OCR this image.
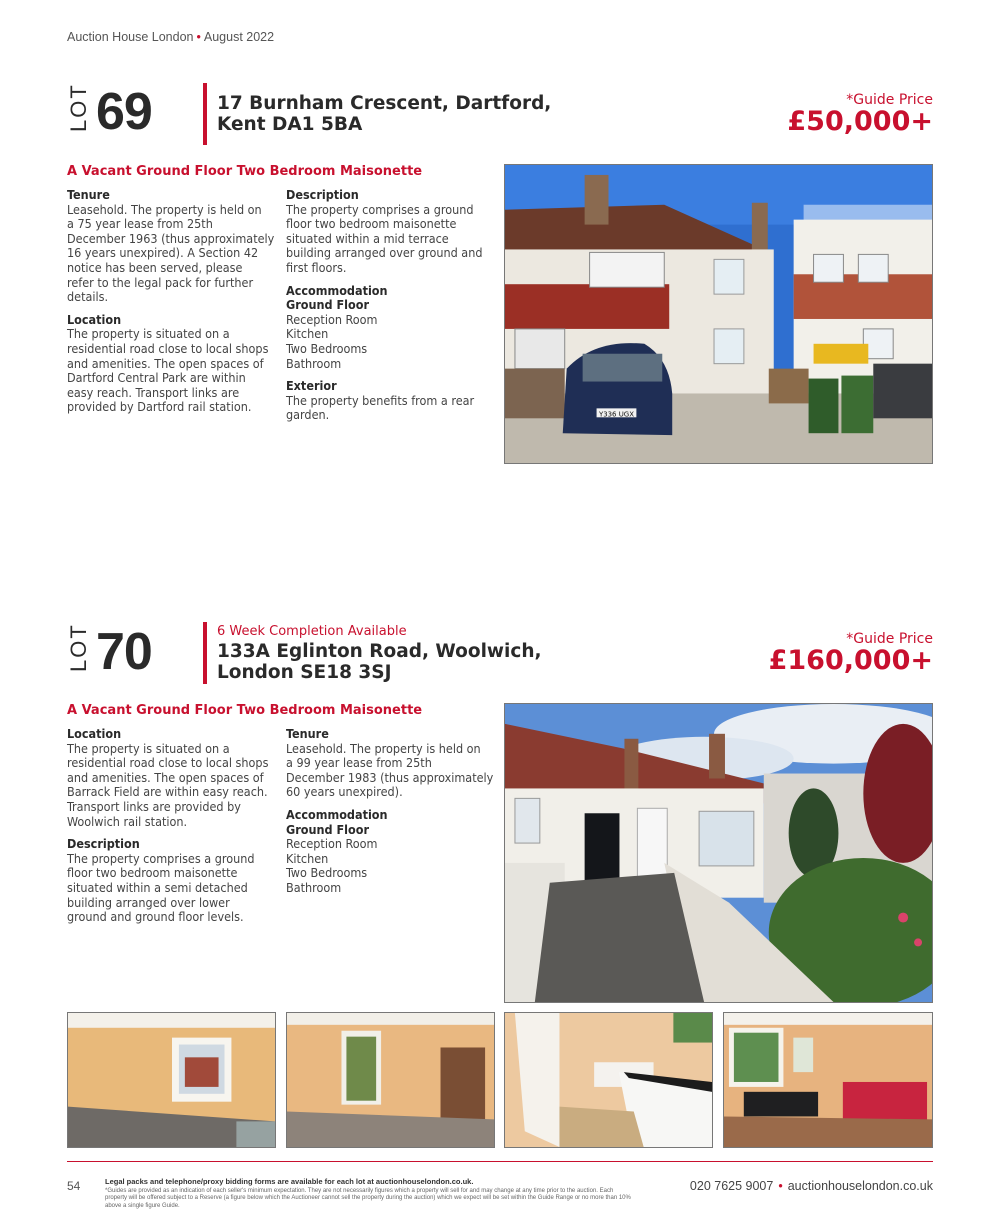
Auction House London • August 2022
LOT 69	17 Burnham Crescent, Dartford,
Kent DA1 5BA
*Guide Price
£50,000+
A Vacant Ground Floor Two Bedroom Maisonette
Tenure

Leasehold. The property is held on
a 75 year lease from 25th
December 1963 (thus approximately
16 years unexpired). A Section 42
notice has been served, please
refer to the legal pack for further
details.

Location

The property is situated on a
residential road close to local shops
and amenities. The open spaces of
Dartford Central Park are within
easy reach. Transport links are
provided by Dartford rail station.

Description

The property comprises a ground
floor two bedroom maisonette
situated within a mid terrace
building arranged over ground and
first floors.

Accommodation
Ground Floor

Reception Room
Kitchen
Two Bedrooms
Bathroom

Exterior

The property benefits from a rear
garden.	Y336 UGX
LOT 70	6 Week Completion Available
133A Eglinton Road, Woolwich,
London SE18 3SJ
*Guide Price
£160,000+
A Vacant Ground Floor Two Bedroom Maisonette
Location

The property is situated on a
residential road close to local shops
and amenities. The open spaces of
Barrack Field are within easy reach.
Transport links are provided by
Woolwich rail station.

Description

The property comprises a ground
floor two bedroom maisonette
situated within a semi detached
building arranged over lower
ground and ground floor levels.

Tenure

Leasehold. The property is held on
a 99 year lease from 25th
December 1983 (thus approximately
60 years unexpired).

Accommodation
Ground Floor

Reception Room
Kitchen
Two Bedrooms
Bathroom

54	Legal packs and telephone/proxy bidding forms are available for each lot at auctionhouselondon.co.uk.
*Guides are provided as an indication of each seller's minimum expectation. They are not necessarily figures which a property will sell for and may change at any time prior to the auction. Each property will be offered subject to a Reserve (a figure below which the Auctioneer cannot sell the property during the auction) which we expect will be set within the Guide Range or no more than 10% above a single figure Guide.
020 7625 9007 • auctionhouselondon.co.uk
